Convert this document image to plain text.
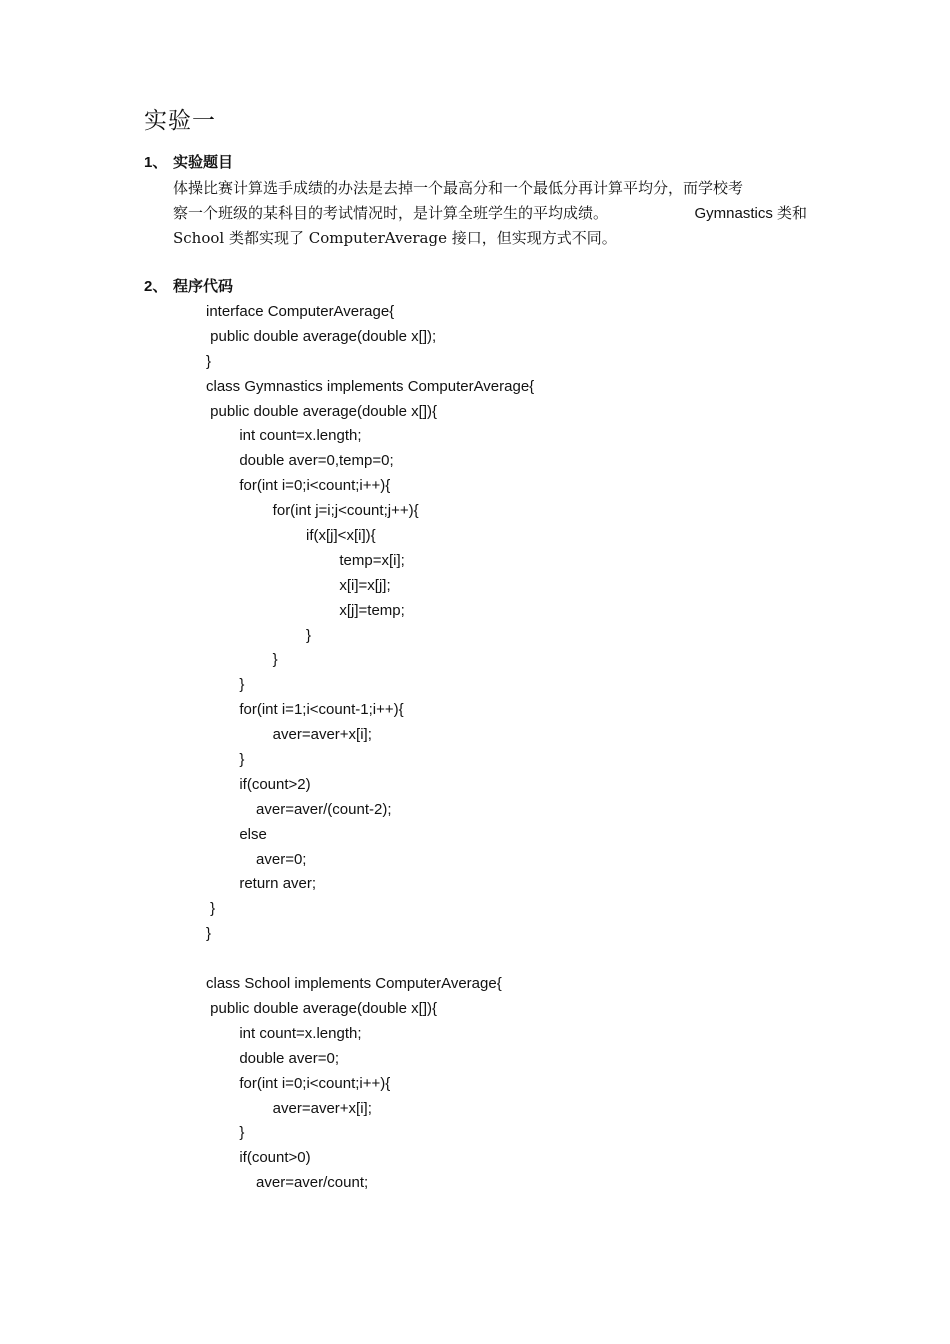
实验一
1、 实验题目
体操比赛计算选手成绩的办法是去掉一个最高分和一个最低分再计算平均分，而学校考
察一个班级的某科目的考试情况时，是计算全班学生的平均成绩。	Gymnastics 类和
School 类都实现了 ComputerAverage 接口，但实现方式不同。
2、 程序代码
interface ComputerAverage{
public double average(double x[]);
}
class Gymnastics implements ComputerAverage{
public double average(double x[]){
int count=x.length;
double aver=0,temp=0;
for(int i=0;i<count;i++){
for(int j=i;j<count;j++){
if(x[j]<x[i]){
temp=x[i];
x[i]=x[j];
x[j]=temp;
}
}
}
for(int i=1;i<count-1;i++){
aver=aver+x[i];
}
if(count>2)
aver=aver/(count-2);
else
aver=0;
return aver;
}
}
class School implements ComputerAverage{
public double average(double x[]){
int count=x.length;
double aver=0;
for(int i=0;i<count;i++){
aver=aver+x[i];
}
if(count>0)
aver=aver/count;
